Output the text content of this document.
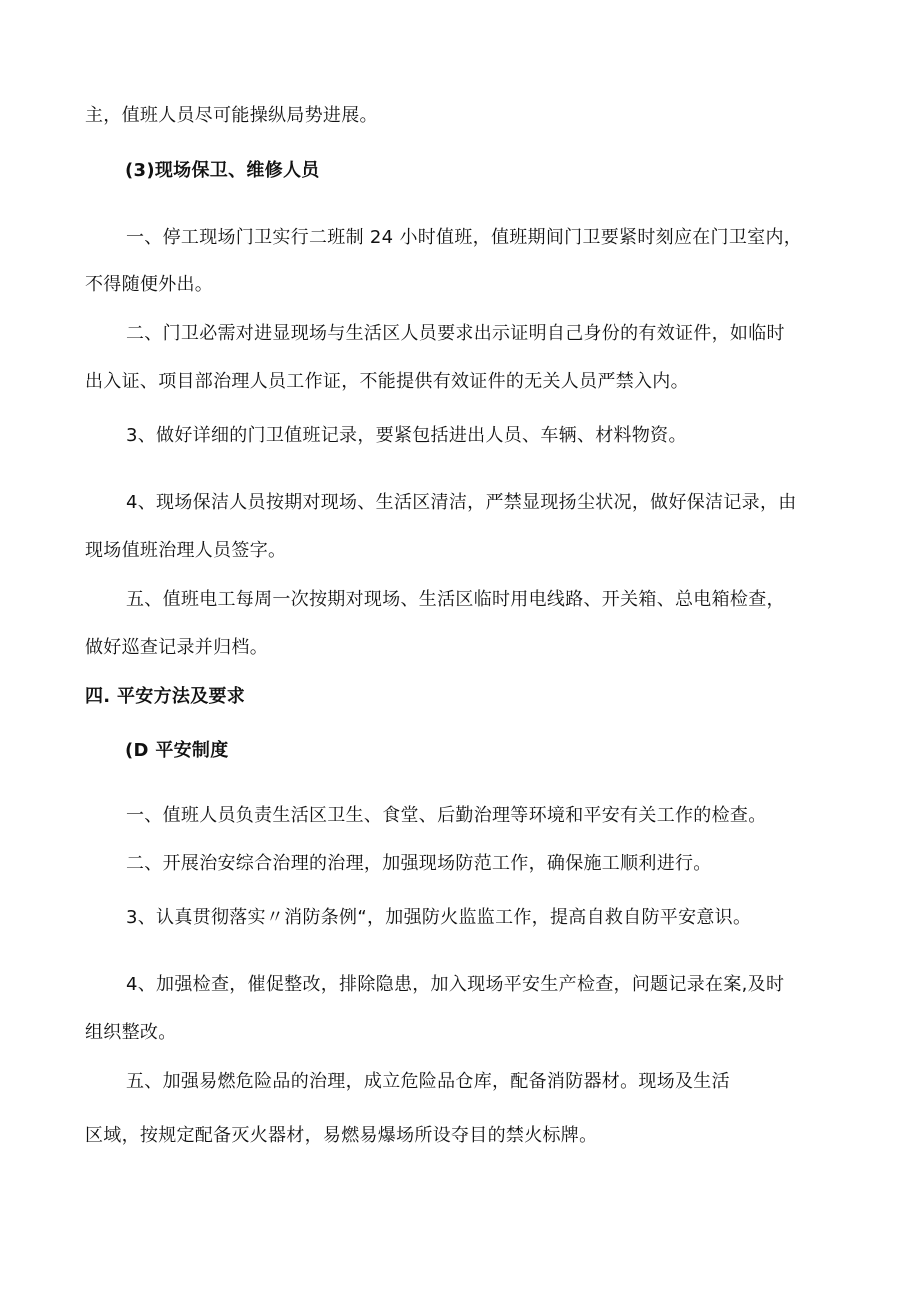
主，值班人员尽可能操纵局势进展。
(3)现场保卫、维修人员
一、停工现场门卫实行二班制 24 小时值班，值班期间门卫要紧时刻应在门卫室内，
不得随便外出。
二、门卫必需对进显现场与生活区人员要求出示证明自己身份的有效证件，如临时
出入证、项目部治理人员工作证，不能提供有效证件的无关人员严禁入内。
3、做好详细的门卫值班记录，要紧包括进出人员、车辆、材料物资。
4、现场保洁人员按期对现场、生活区清洁，严禁显现扬尘状况，做好保洁记录，由
现场值班治理人员签字。
五、值班电工每周一次按期对现场、生活区临时用电线路、开关箱、总电箱检查，
做好巡查记录并归档。
四. 平安方法及要求
(D 平安制度
一、值班人员负责生活区卫生、食堂、后勤治理等环境和平安有关工作的检查。
二、开展治安综合治理的治理，加强现场防范工作，确保施工顺利进行。
3、认真贯彻落实〃消防条例“，加强防火监监工作，提高自救自防平安意识。
4、加强检查，催促整改，排除隐患，加入现场平安生产检查，问题记录在案,及时
组织整改。
五、加强易燃危险品的治理，成立危险品仓库，配备消防器材。现场及生活
区域，按规定配备灭火器材，易燃易爆场所设夺目的禁火标牌。
